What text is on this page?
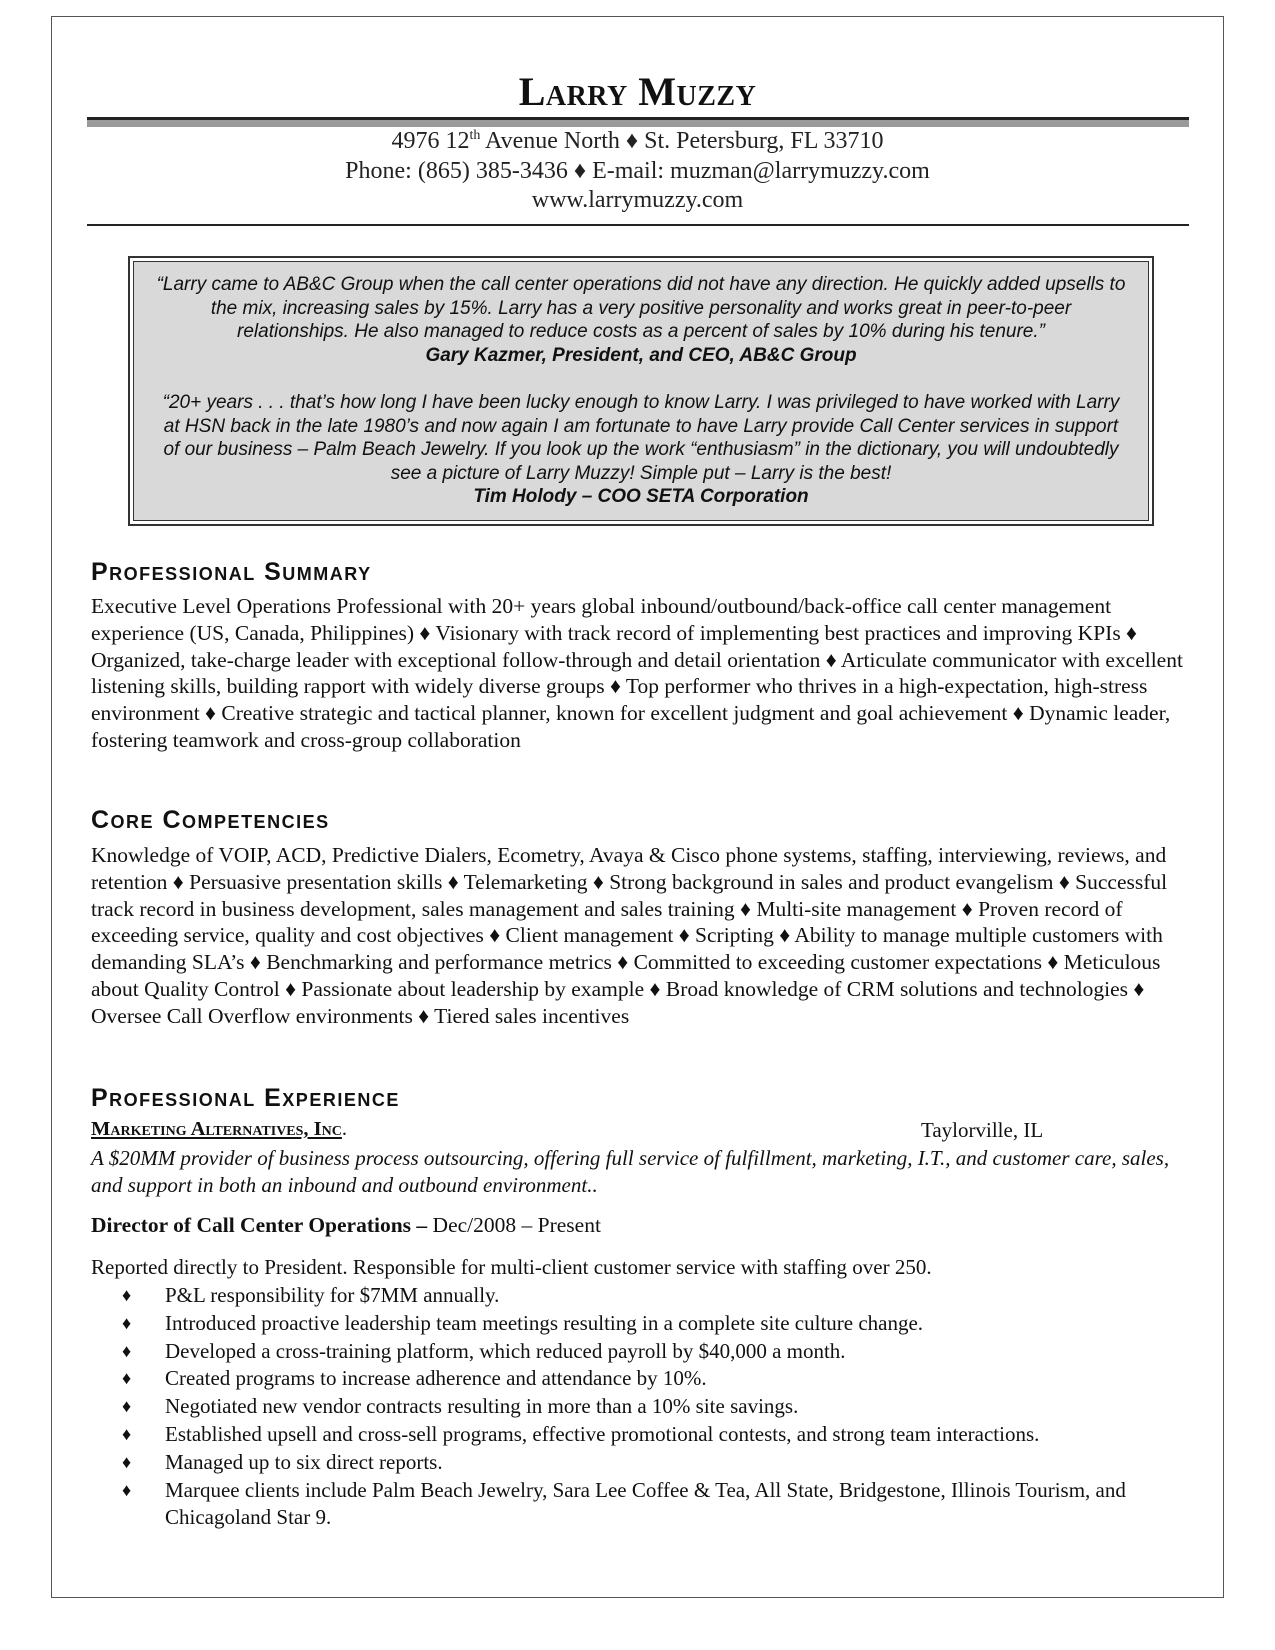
Larry Muzzy
4976 12th Avenue North ♦ St. Petersburg, FL 33710
Phone: (865) 385-3436 ♦ E-mail: muzman@larrymuzzy.com
www.larrymuzzy.com

“Larry came to AB&C Group when the call center operations did not have any direction. He quickly added upsells to the mix, increasing sales by 15%. Larry has a very positive personality and works great in peer-to-peer relationships. He also managed to reduce costs as a percent of sales by 10% during his tenure.”

Gary Kazmer, President, and CEO, AB&C Group

“20+ years . . . that’s how long I have been lucky enough to know Larry. I was privileged to have worked with Larry at HSN back in the late 1980’s and now again I am fortunate to have Larry provide Call Center services in support of our business – Palm Beach Jewelry. If you look up the work “enthusiasm” in the dictionary, you will undoubtedly see a picture of Larry Muzzy! Simple put – Larry is the best!

Tim Holody – COO SETA Corporation

Professional Summary
Executive Level Operations Professional with 20+ years global inbound/outbound/back-office call center management experience (US, Canada, Philippines) ♦ Visionary with track record of implementing best practices and improving KPIs ♦ Organized, take-charge leader with exceptional follow-through and detail orientation ♦ Articulate communicator with excellent listening skills, building rapport with widely diverse groups ♦ Top performer who thrives in a high-expectation, high-stress environment ♦ Creative strategic and tactical planner, known for excellent judgment and goal achievement ♦ Dynamic leader, fostering teamwork and cross-group collaboration
Core Competencies
Knowledge of VOIP, ACD, Predictive Dialers, Ecometry, Avaya & Cisco phone systems, staffing, interviewing, reviews, and retention ♦ Persuasive presentation skills ♦ Telemarketing ♦ Strong background in sales and product evangelism ♦ Successful track record in business development, sales management and sales training ♦ Multi-site management ♦ Proven record of exceeding service, quality and cost objectives ♦ Client management ♦ Scripting ♦ Ability to manage multiple customers with demanding SLA’s ♦ Benchmarking and performance metrics ♦ Committed to exceeding customer expectations ♦ Meticulous about Quality Control ♦ Passionate about leadership by example ♦ Broad knowledge of CRM solutions and technologies ♦ Oversee Call Overflow environments ♦ Tiered sales incentives
Professional Experience
Marketing Alternatives, Inc.	Taylorville, IL
A $20MM provider of business process outsourcing, offering full service of fulfillment, marketing, I.T., and customer care, sales, and support in both an inbound and outbound environment..
Director of Call Center Operations – Dec/2008 – Present
Reported directly to President. Responsible for multi-client customer service with staffing over 250.
♦ P&L responsibility for $7MM annually.
♦ Introduced proactive leadership team meetings resulting in a complete site culture change.
♦ Developed a cross-training platform, which reduced payroll by $40,000 a month.
♦ Created programs to increase adherence and attendance by 10%.
♦ Negotiated new vendor contracts resulting in more than a 10% site savings.
♦ Established upsell and cross-sell programs, effective promotional contests, and strong team interactions.
♦ Managed up to six direct reports.
♦ Marquee clients include Palm Beach Jewelry, Sara Lee Coffee & Tea, All State, Bridgestone, Illinois Tourism, and Chicagoland Star 9.
